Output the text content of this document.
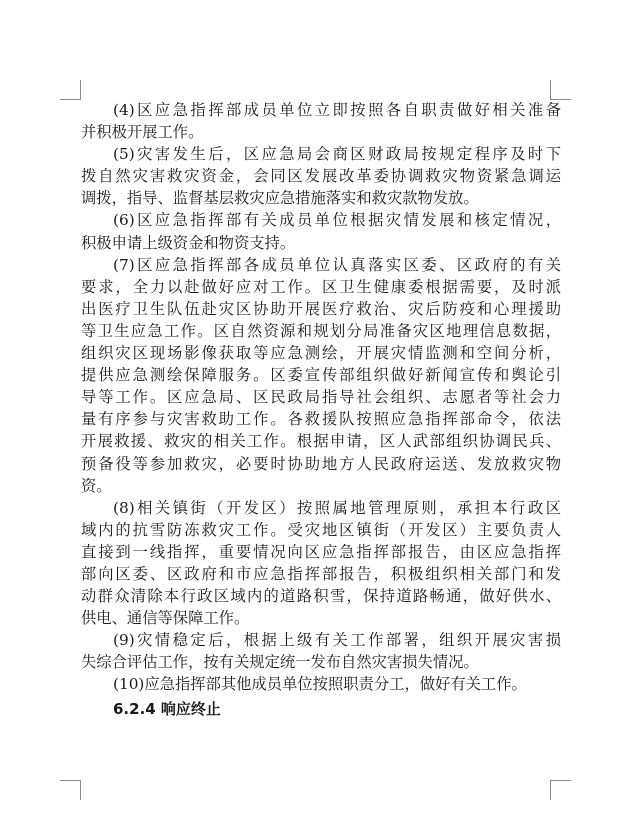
(4)区应急指挥部成员单位立即按照各自职责做好相关准备
并积极开展工作。
(5)灾害发生后，区应急局会商区财政局按规定程序及时下
拨自然灾害救灾资金，会同区发展改革委协调救灾物资紧急调运
调拨，指导、监督基层救灾应急措施落实和救灾款物发放。
(6)区应急指挥部有关成员单位根据灾情发展和核定情况，
积极申请上级资金和物资支持。
(7)区应急指挥部各成员单位认真落实区委、区政府的有关
要求，全力以赴做好应对工作。区卫生健康委根据需要，及时派
出医疗卫生队伍赴灾区协助开展医疗救治、灾后防疫和心理援助
等卫生应急工作。区自然资源和规划分局准备灾区地理信息数据，
组织灾区现场影像获取等应急测绘，开展灾情监测和空间分析，
提供应急测绘保障服务。区委宣传部组织做好新闻宣传和舆论引
导等工作。区应急局、区民政局指导社会组织、志愿者等社会力
量有序参与灾害救助工作。各救援队按照应急指挥部命令，依法
开展救援、救灾的相关工作。根据申请，区人武部组织协调民兵、
预备役等参加救灾，必要时协助地方人民政府运送、发放救灾物
资。
(8)相关镇街（开发区）按照属地管理原则，承担本行政区
域内的抗雪防冻救灾工作。受灾地区镇街（开发区）主要负责人
直接到一线指挥，重要情况向区应急指挥部报告，由区应急指挥
部向区委、区政府和市应急指挥部报告，积极组织相关部门和发
动群众清除本行政区域内的道路积雪，保持道路畅通，做好供水、
供电、通信等保障工作。
(9)灾情稳定后，根据上级有关工作部署，组织开展灾害损
失综合评估工作，按有关规定统一发布自然灾害损失情况。
(10)应急指挥部其他成员单位按照职责分工，做好有关工作。
6.2.4 响应终止
